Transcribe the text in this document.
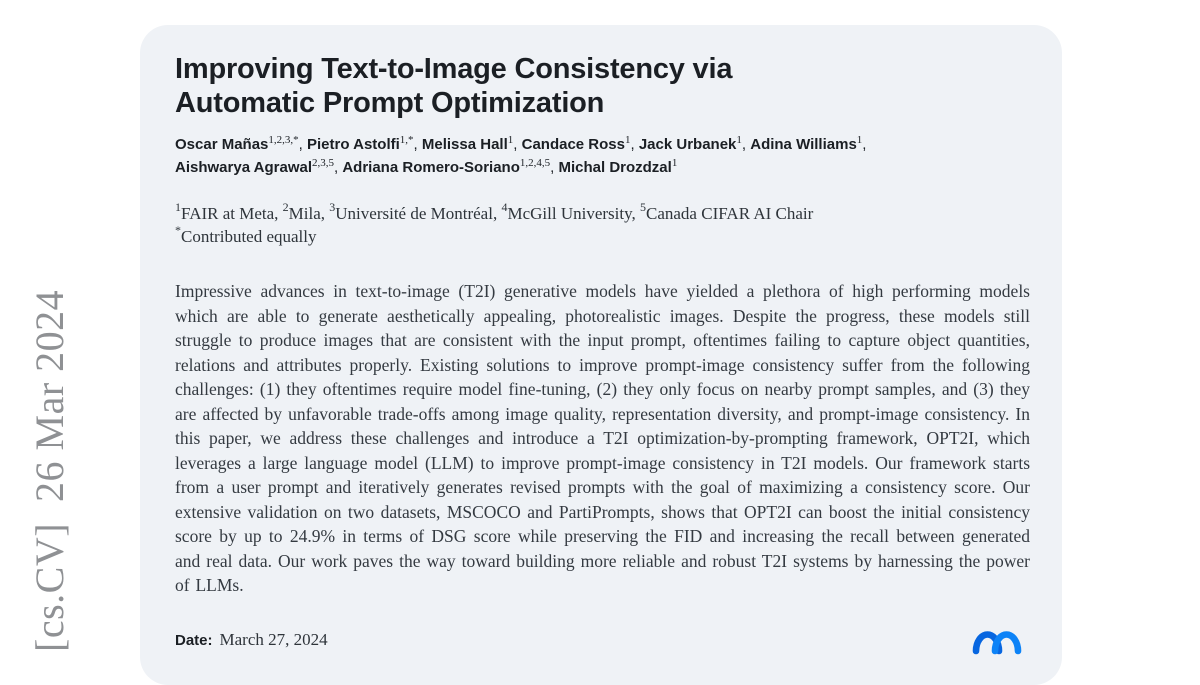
[cs.CV]  26 Mar 2024
Improving Text-to-Image Consistency via
Automatic Prompt Optimization
Oscar Mañas$^{1,2,3,*}$, Pietro Astolfi$^{1,*}$, Melissa Hall$^1$, Candace Ross$^1$, Jack Urbanek$^1$, Adina Williams$^1$,
Aishwarya Agrawal$^{2,3,5}$, Adriana Romero-Soriano$^{1,2,4,5}$, Michal Drozdzal$^1$
$^1$FAIR at Meta, $^2$Mila, $^3$Université de Montréal, $^4$McGill University, $^5$Canada CIFAR AI Chair
*Contributed equally

Impressive advances in text-to-image (T2I) generative models have yielded a plethora of high performing models which are able to generate aesthetically appealing, photorealistic images. Despite the progress, these models still struggle to produce images that are consistent with the input prompt, oftentimes failing to capture object quantities, relations and attributes properly. Existing solutions to improve prompt-image consistency suffer from the following challenges: (1) they oftentimes require model fine-tuning, (2) they only focus on nearby prompt samples, and (3) they are affected by unfavorable trade-offs among image quality, representation diversity, and prompt-image consistency. In this paper, we address these challenges and introduce a T2I optimization-by-prompting framework, OPT2I, which leverages a large language model (LLM) to improve prompt-image consistency in T2I models. Our framework starts from a user prompt and iteratively generates revised prompts with the goal of maximizing a consistency score. Our extensive validation on two datasets, MSCOCO and PartiPrompts, shows that OPT2I can boost the initial consistency score by up to 24.9% in terms of DSG score while preserving the FID and increasing the recall between generated and real data. Our work paves the way toward building more reliable and robust T2I systems by harnessing the power of LLMs.

Date: March 27, 2024
